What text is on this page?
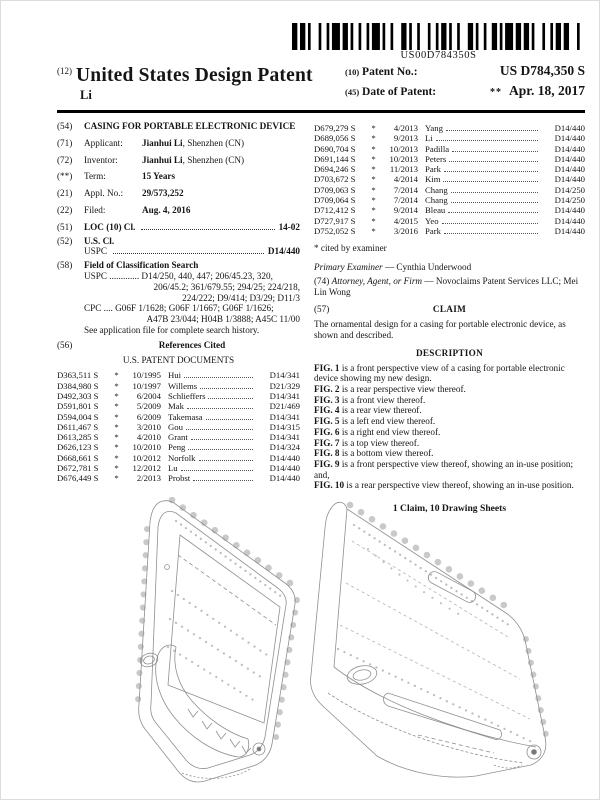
US00D784350S
$^{(12)}$ United States Design Patent
Li
(10) Patent No.:	US D784,350 S
(45) Date of Patent:	** Apr. 18, 2017
(54)	CASING FOR PORTABLE ELECTRONIC DEVICE
(71)	Applicant: Jianhui Li, Shenzhen (CN)
(72)	Inventor:	Jianhui Li, Shenzhen (CN)
(**)	Term:	15 Years
(21)	Appl. No.: 29/573,252
(22)	Filed:	Aug. 4, 2016
(51)	LOC (10) Cl.	14-02
(52)	U.S. Cl.
USPC	D14/440
(58)	Field of Classification Search
USPC ............. D14/250, 440, 447; 206/45.23, 320,
206/45.2; 361/679.55; 294/25; 224/218,
224/222; D9/414; D3/29; D11/3
CPC .... G06F 1/1628; G06F 1/1667; G06F 1/1626;
A47B 23/044; H04B 1/3888; A45C 11/00
See application file for complete search history.
(56)	References Cited
U.S. PATENT DOCUMENTS
D363,511 S	*	10/1995 Hui	D14/341
D384,980 S	*	10/1997 Willems	D21/329
D492,303 S	*	6/2004 Schlieffers	D14/341
D591,801 S	*	5/2009 Mak	D21/469
D594,004 S	*	6/2009 Takemasa	D14/341
D611,467 S	*	3/2010 Gou	D14/315
D613,285 S	*	4/2010 Grant	D14/341
D626,123 S	*	10/2010 Peng	D14/324
D668,661 S	*	10/2012 Norfolk	D14/440
D672,781 S	*	12/2012 Lu	D14/440
D676,449 S	*	2/2013 Probst	D14/440
D679,279 S	*	4/2013 Yang	D14/440
D689,056 S	*	9/2013 Li	D14/440
D690,704 S	*	10/2013 Padilla	D14/440
D691,144 S	*	10/2013 Peters	D14/440
D694,246 S	*	11/2013 Park	D14/440
D703,672 S	*	4/2014 Kim	D14/440
D709,063 S	*	7/2014 Chang	D14/250
D709,064 S	*	7/2014 Chang	D14/250
D712,412 S	*	9/2014 Bleau	D14/440
D727,917 S	*	4/2015 Yeo	D14/440
D752,052 S	*	3/2016 Park	D14/440
* cited by examiner
Primary Examiner — Cynthia Underwood
(74) Attorney, Agent, or Firm — Novoclaims Patent Services LLC; Mei Lin Wong
(57)	CLAIM
The ornamental design for a casing for portable electronic device, as shown and described.
DESCRIPTION
FIG. 1 is a front perspective view of a casing for portable electronic device showing my new design.
FIG. 2 is a rear perspective view thereof.
FIG. 3 is a front view thereof.
FIG. 4 is a rear view thereof.
FIG. 5 is a left end view thereof.
FIG. 6 is a right end view thereof.
FIG. 7 is a top view thereof.
FIG. 8 is a bottom view thereof.
FIG. 9 is a front perspective view thereof, showing an in-use position; and,
FIG. 10 is a rear perspective view thereof, showing an in-use position.
1 Claim, 10 Drawing Sheets
